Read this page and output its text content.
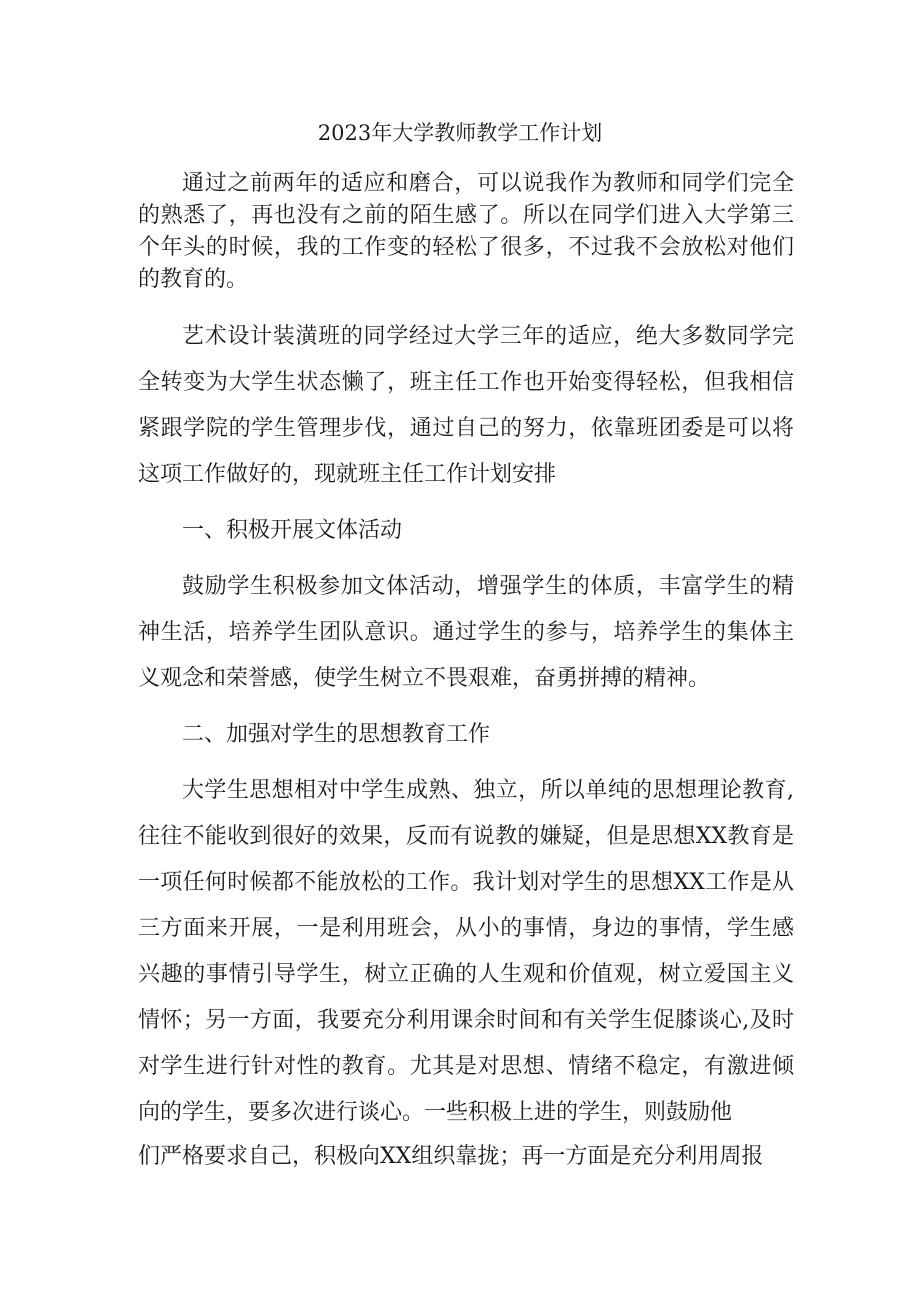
2023年大学教师教学工作计划

通过之前两年的适应和磨合，可以说我作为教师和同学们完全的熟悉了，再也没有之前的陌生感了。所以在同学们进入大学第三个年头的时候，我的工作变的轻松了很多，不过我不会放松对他们的教育的。

艺术设计装潢班的同学经过大学三年的适应，绝大多数同学完全转变为大学生状态懒了，班主任工作也开始变得轻松，但我相信紧跟学院的学生管理步伐，通过自己的努力，依靠班团委是可以将这项工作做好的，现就班主任工作计划安排

一、积极开展文体活动

鼓励学生积极参加文体活动，增强学生的体质，丰富学生的精神生活，培养学生团队意识。通过学生的参与，培养学生的集体主义观念和荣誉感，使学生树立不畏艰难，奋勇拼搏的精神。

二、加强对学生的思想教育工作

大学生思想相对中学生成熟、独立，所以单纯的思想理论教育,往往不能收到很好的效果，反而有说教的嫌疑，但是思想XX教育是一项任何时候都不能放松的工作。我计划对学生的思想XX工作是从三方面来开展，一是利用班会，从小的事情，身边的事情，学生感兴趣的事情引导学生，树立正确的人生观和价值观，树立爱国主义情怀；另一方面，我要充分利用课余时间和有关学生促膝谈心,及时对学生进行针对性的教育。尤其是对思想、情绪不稳定，有激进倾向的学生，要多次进行谈心。一些积极上进的学生，则鼓励他

们严格要求自己，积极向XX组织靠拢；再一方面是充分利用周报
